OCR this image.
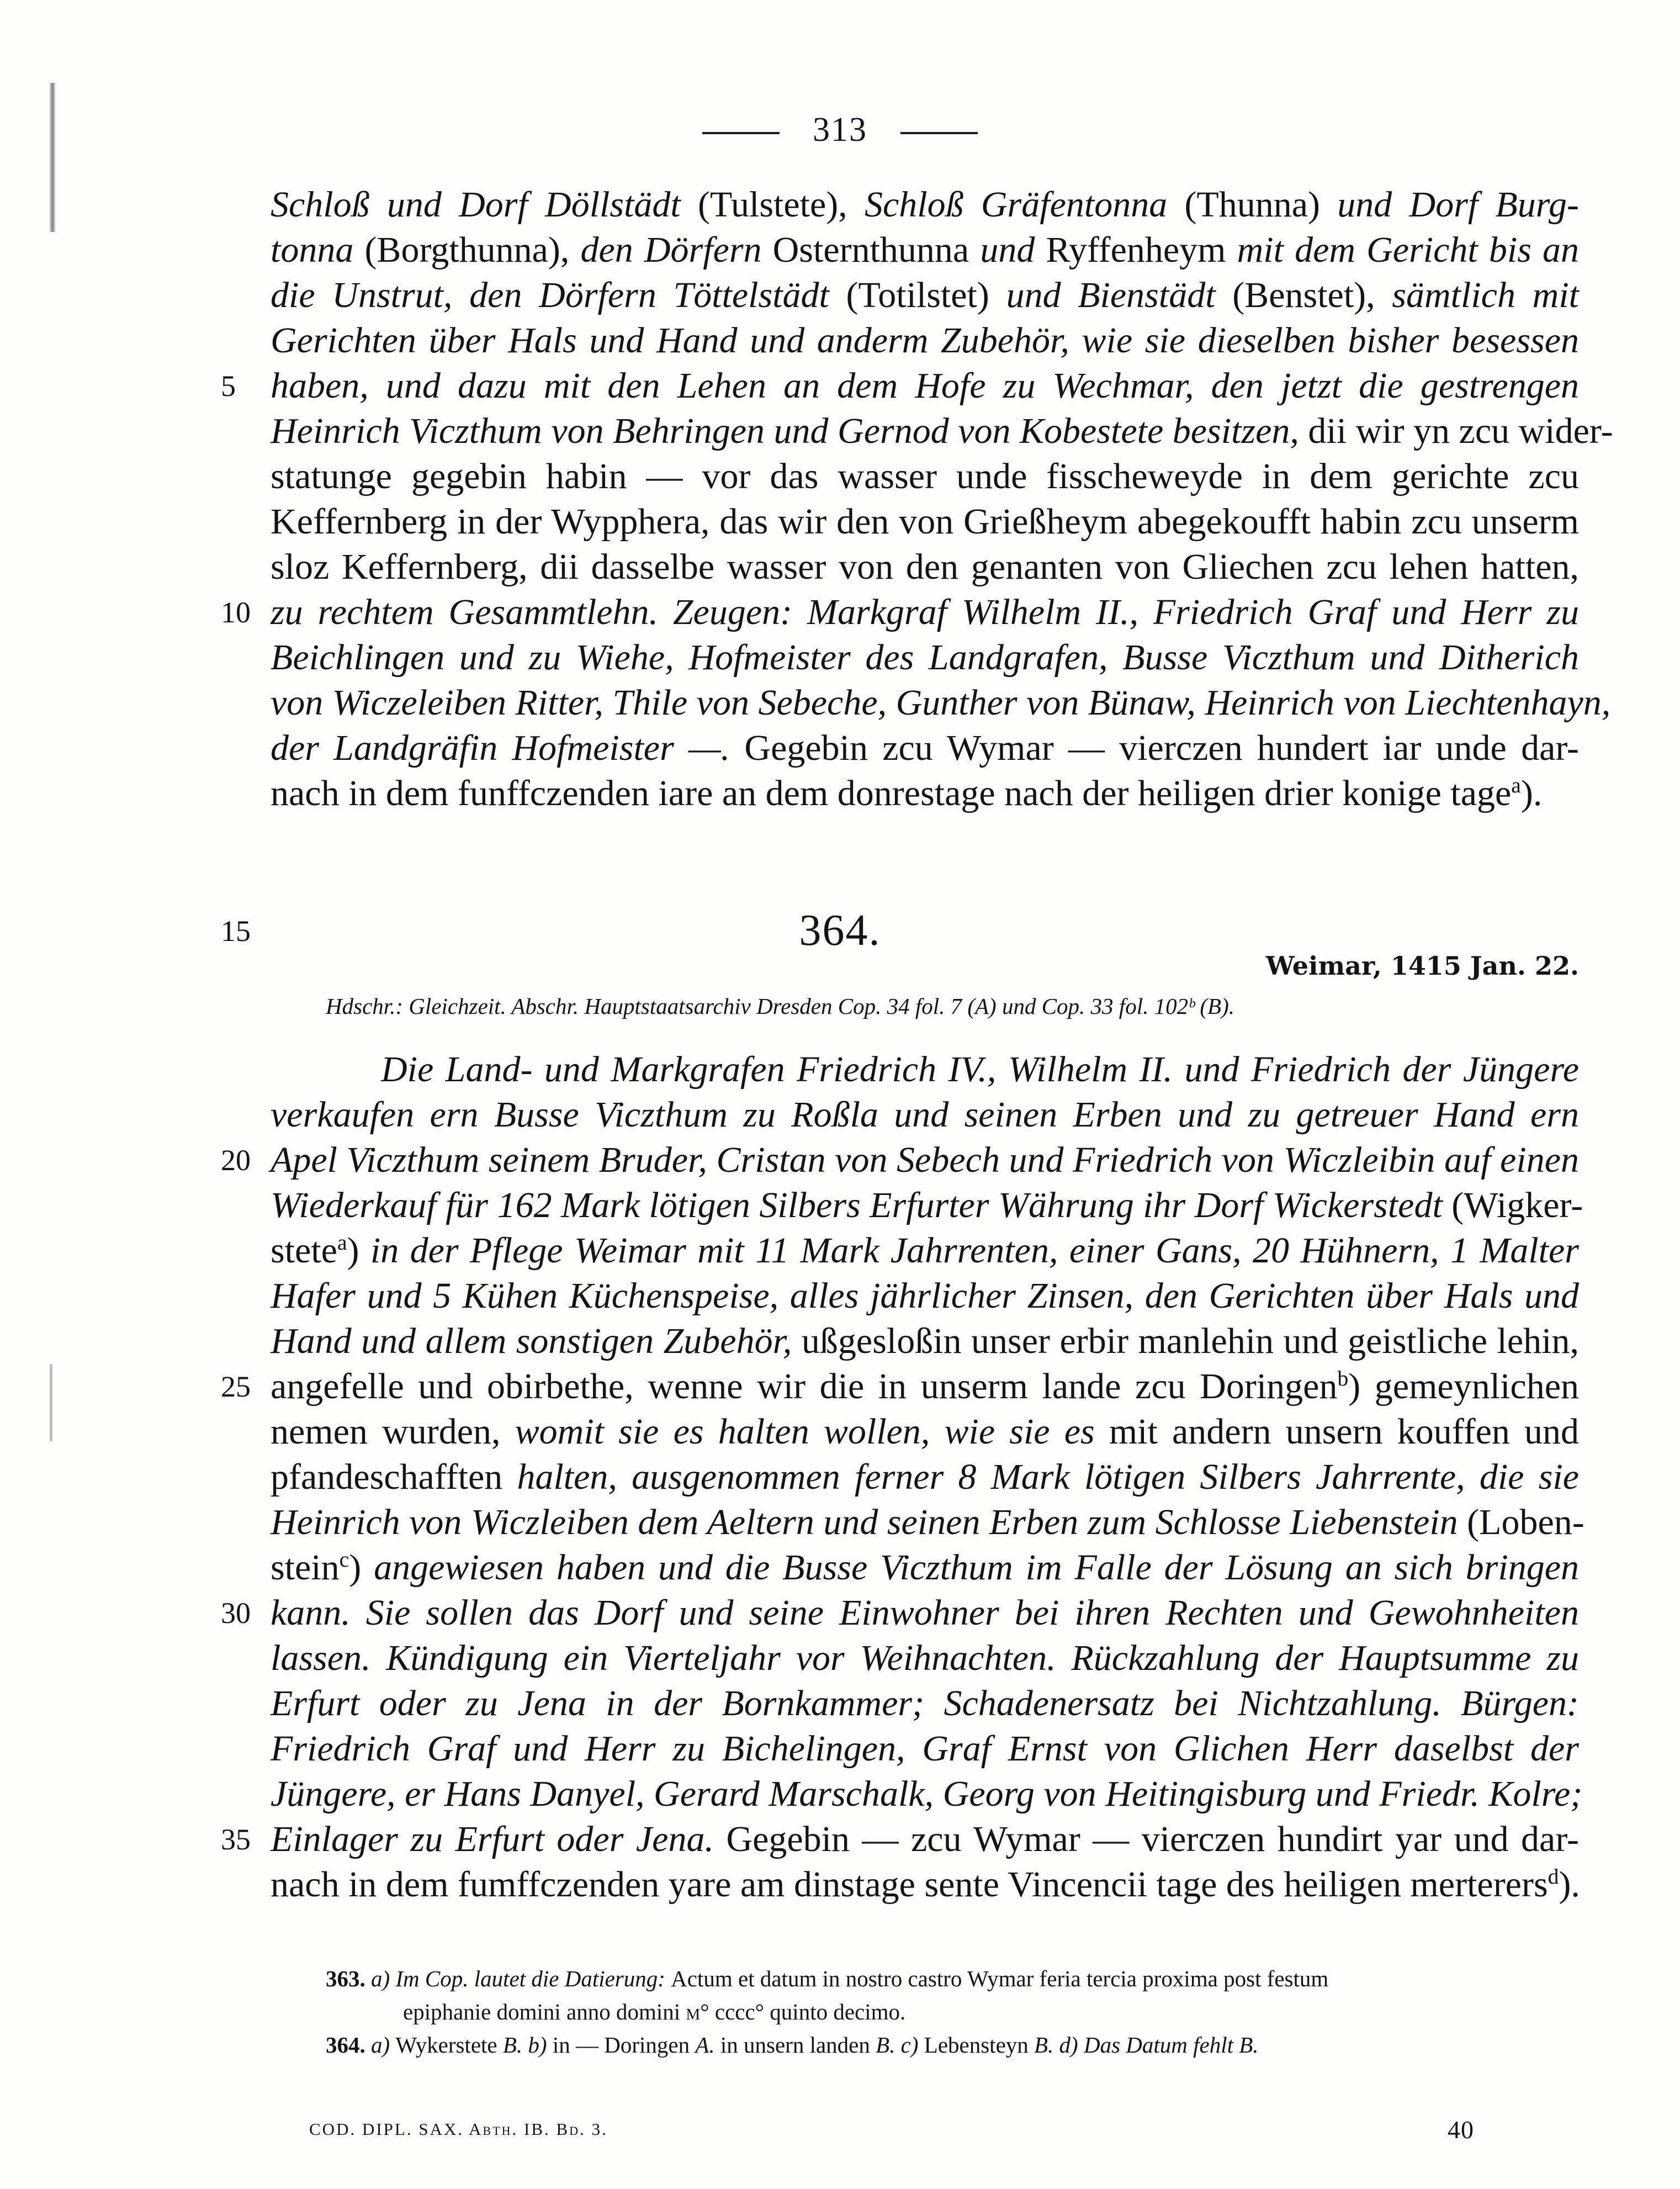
313
Schloß und Dorf Döllstädt (Tulstete), Schloß Gräfentonna (Thunna) und Dorf Burg-
tonna (Borgthunna), den Dörfern Osternthunna und Ryffenheym mit dem Gericht bis an
die Unstrut, den Dörfern Töttelstädt (Totilstet) und Bienstädt (Benstet), sämtlich mit
Gerichten über Hals und Hand und anderm Zubehör, wie sie dieselben bisher besessen
haben, und dazu mit den Lehen an dem Hofe zu Wechmar, den jetzt die gestrengen
Heinrich Viczthum von Behringen und Gernod von Kobestete besitzen, dii wir yn zcu wider-
statunge gegebin habin — vor das wasser unde fisscheweyde in dem gerichte zcu
Keffernberg in der Wypphera, das wir den von Grießheym abegekoufft habin zcu unserm
sloz Keffernberg, dii dasselbe wasser von den genanten von Gliechen zcu lehen hatten,
zu rechtem Gesammtlehn. Zeugen: Markgraf Wilhelm II., Friedrich Graf und Herr zu
Beichlingen und zu Wiehe, Hofmeister des Landgrafen, Busse Viczthum und Ditherich
von Wiczeleiben Ritter, Thile von Sebeche, Gunther von Bünaw, Heinrich von Liechtenhayn,
der Landgräfin Hofmeister —. Gegebin zcu Wymar — vierczen hundert iar unde dar-
nach in dem funffczenden iare an dem donrestage nach der heiligen drier konige tage$^a$).
364.
Weimar, 1415 Jan. 22.
Hdschr.: Gleichzeit. Abschr. Hauptstaatsarchiv Dresden Cop. 34 fol. 7 (A) und Cop. 33 fol. 102ᵇ (B).
Die Land- und Markgrafen Friedrich IV., Wilhelm II. und Friedrich der Jüngere
verkaufen ern Busse Viczthum zu Roßla und seinen Erben und zu getreuer Hand ern
Apel Viczthum seinem Bruder, Cristan von Sebech und Friedrich von Wiczleibin auf einen
Wiederkauf für 162 Mark lötigen Silbers Erfurter Währung ihr Dorf Wickerstedt (Wigker-
stete$^a$) in der Pflege Weimar mit 11 Mark Jahrrenten, einer Gans, 20 Hühnern, 1 Malter
Hafer und 5 Kühen Küchenspeise, alles jährlicher Zinsen, den Gerichten über Hals und
Hand und allem sonstigen Zubehör, ußgesloßin unser erbir manlehin und geistliche lehin,
angefelle und obirbethe, wenne wir die in unserm lande zcu Doringen$^b$) gemeynlichen
nemen wurden, womit sie es halten wollen, wie sie es mit andern unsern kouffen und
pfandeschafften halten, ausgenommen ferner 8 Mark lötigen Silbers Jahrrente, die sie
Heinrich von Wiczleiben dem Aeltern und seinen Erben zum Schlosse Liebenstein (Loben-
stein$^c$) angewiesen haben und die Busse Viczthum im Falle der Lösung an sich bringen
kann. Sie sollen das Dorf und seine Einwohner bei ihren Rechten und Gewohnheiten
lassen. Kündigung ein Vierteljahr vor Weihnachten. Rückzahlung der Hauptsumme zu
Erfurt oder zu Jena in der Bornkammer; Schadenersatz bei Nichtzahlung. Bürgen:
Friedrich Graf und Herr zu Bichelingen, Graf Ernst von Glichen Herr daselbst der
Jüngere, er Hans Danyel, Gerard Marschalk, Georg von Heitingisburg und Friedr. Kolre;
Einlager zu Erfurt oder Jena. Gegebin — zcu Wymar — vierczen hundirt yar und dar-
nach in dem fumffczenden yare am dinstage sente Vincencii tage des heiligen merterers$^d$).
363. a) Im Cop. lautet die Datierung: Actum et datum in nostro castro Wymar feria tercia proxima post festum
epiphanie domini anno domini m° cccc° quinto decimo.
364. a) Wykerstete B. b) in — Doringen A. in unsern landen B. c) Lebensteyn B. d) Das Datum fehlt B.
COD. DIPL. SAX. Abth. IB. Bd. 3.	40
5
10
15
20
25
30
35
